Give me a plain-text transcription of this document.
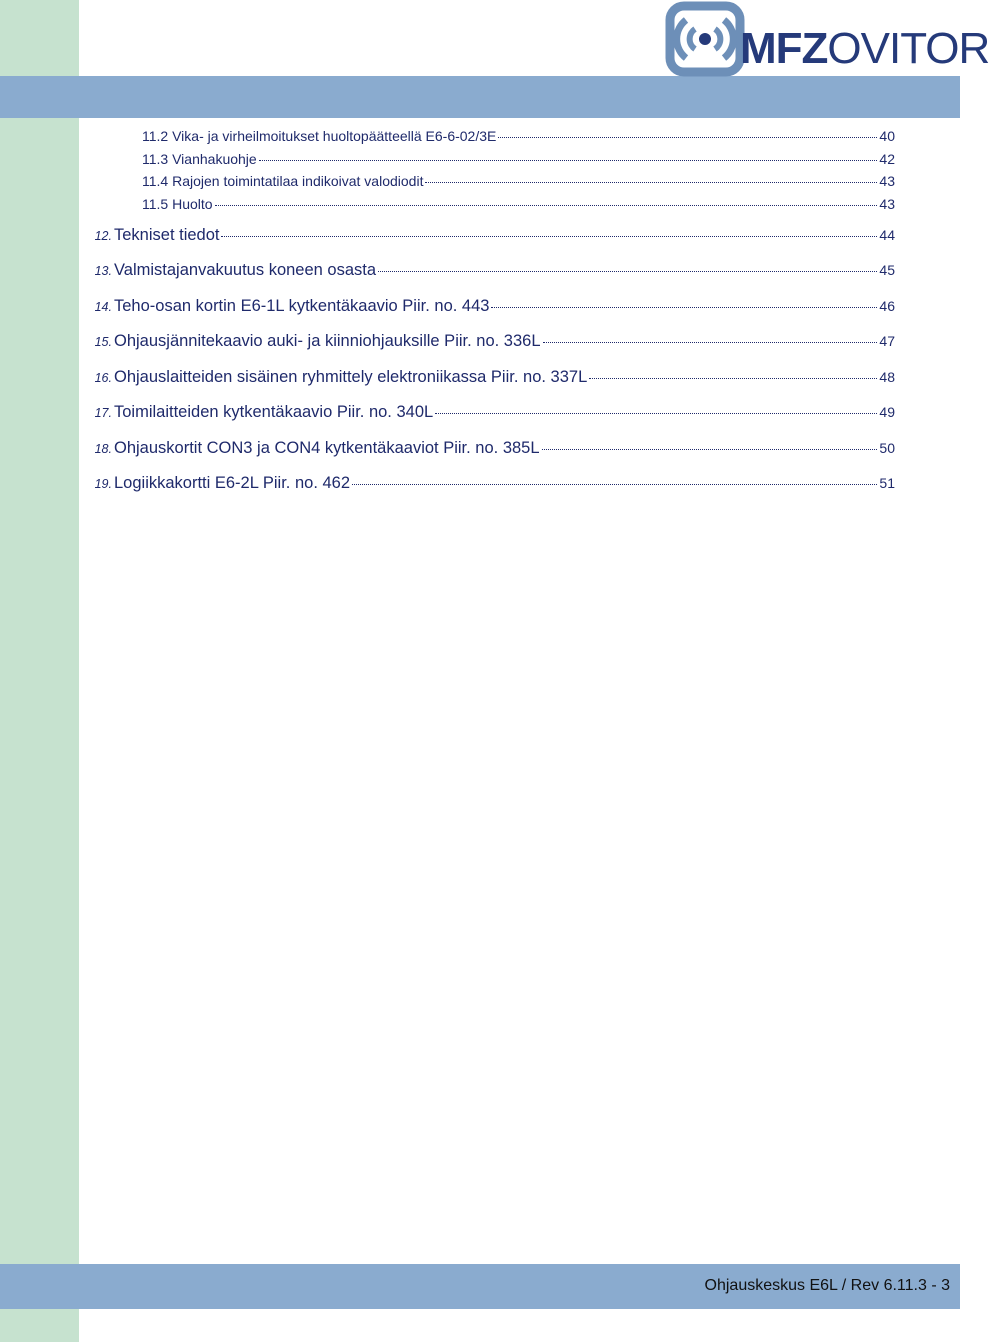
MFZOVITOR
11.2 Vika- ja virheilmoitukset huoltopäätteellä E6-6-02/3E	40
11.3 Vianhakuohje	42
11.4 Rajojen toimintatilaa indikoivat valodiodit	43
11.5 Huolto	43
12. Tekniset tiedot	44
13. Valmistajanvakuutus koneen osasta	45
14. Teho-osan kortin E6-1L kytkentäkaavio Piir. no. 443	46
15. Ohjausjännitekaavio auki- ja kiinniohjauksille Piir. no. 336L	47
16. Ohjauslaitteiden sisäinen ryhmittely elektroniikassa Piir. no. 337L	48
17. Toimilaitteiden kytkentäkaavio Piir. no. 340L	49
18. Ohjauskortit CON3 ja CON4 kytkentäkaaviot Piir. no. 385L	50
19. Logiikkakortti E6-2L Piir. no. 462	51
Ohjauskeskus E6L / Rev 6.11.3 - 3
